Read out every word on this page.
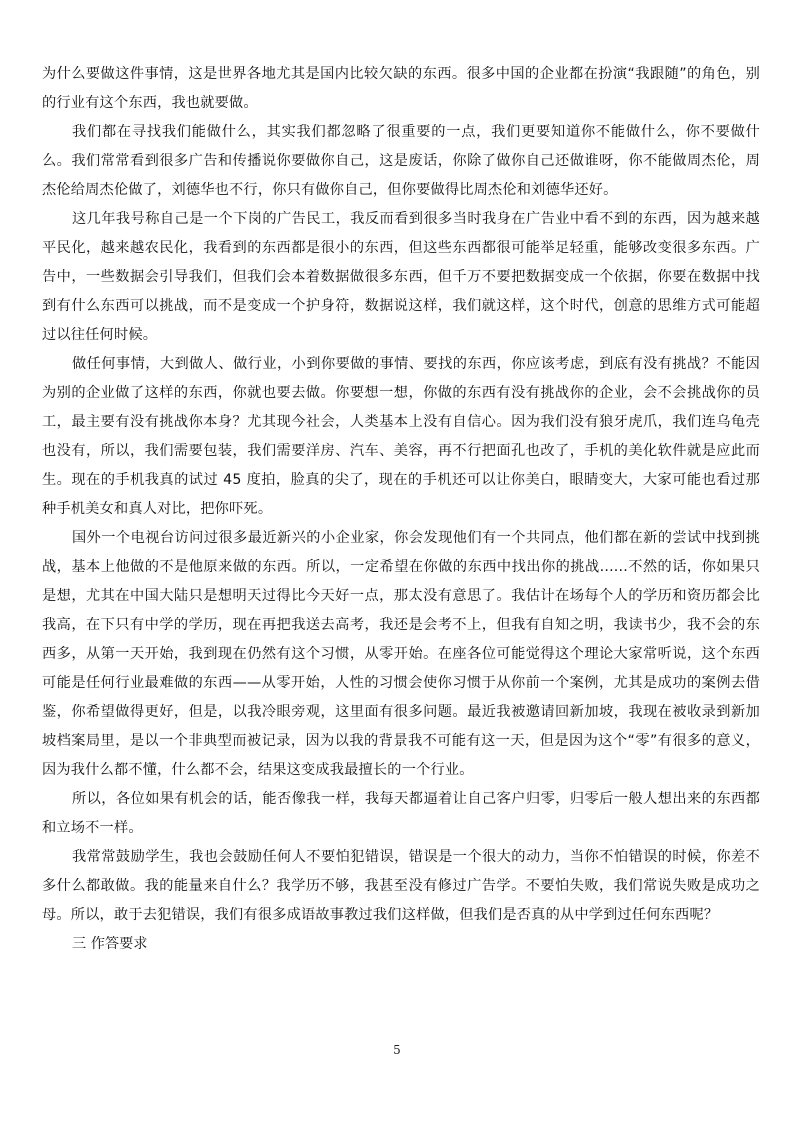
为什么要做这件事情，这是世界各地尤其是国内比较欠缺的东西。很多中国的企业都在扮演“我跟随”的角色，别的行业有这个东西，我也就要做。

我们都在寻找我们能做什么，其实我们都忽略了很重要的一点，我们更要知道你不能做什么，你不要做什么。我们常常看到很多广告和传播说你要做你自己，这是废话，你除了做你自己还做谁呀，你不能做周杰伦，周杰伦给周杰伦做了，刘德华也不行，你只有做你自己，但你要做得比周杰伦和刘德华还好。

这几年我号称自己是一个下岗的广告民工，我反而看到很多当时我身在广告业中看不到的东西，因为越来越平民化，越来越农民化，我看到的东西都是很小的东西，但这些东西都很可能举足轻重，能够改变很多东西。广告中，一些数据会引导我们，但我们会本着数据做很多东西，但千万不要把数据变成一个依据，你要在数据中找到有什么东西可以挑战，而不是变成一个护身符，数据说这样，我们就这样，这个时代，创意的思维方式可能超过以往任何时候。

做任何事情，大到做人、做行业，小到你要做的事情、要找的东西，你应该考虑，到底有没有挑战？不能因为别的企业做了这样的东西，你就也要去做。你要想一想，你做的东西有没有挑战你的企业，会不会挑战你的员工，最主要有没有挑战你本身？尤其现今社会，人类基本上没有自信心。因为我们没有狼牙虎爪，我们连乌龟壳也没有，所以，我们需要包装，我们需要洋房、汽车、美容，再不行把面孔也改了，手机的美化软件就是应此而生。现在的手机我真的试过 45 度拍，脸真的尖了，现在的手机还可以让你美白，眼睛变大，大家可能也看过那种手机美女和真人对比，把你吓死。

国外一个电视台访问过很多最近新兴的小企业家，你会发现他们有一个共同点，他们都在新的尝试中找到挑战，基本上他做的不是他原来做的东西。所以，一定希望在你做的东西中找出你的挑战......不然的话，你如果只是想，尤其在中国大陆只是想明天过得比今天好一点，那太没有意思了。我估计在场每个人的学历和资历都会比我高，在下只有中学的学历，现在再把我送去高考，我还是会考不上，但我有自知之明，我读书少，我不会的东西多，从第一天开始，我到现在仍然有这个习惯，从零开始。在座各位可能觉得这个理论大家常听说，这个东西可能是任何行业最难做的东西——从零开始，人性的习惯会使你习惯于从你前一个案例，尤其是成功的案例去借鉴，你希望做得更好，但是，以我冷眼旁观，这里面有很多问题。最近我被邀请回新加坡，我现在被收录到新加坡档案局里，是以一个非典型而被记录，因为以我的背景我不可能有这一天，但是因为这个“零”有很多的意义，因为我什么都不懂，什么都不会，结果这变成我最擅长的一个行业。

所以，各位如果有机会的话，能否像我一样，我每天都逼着让自己客户归零，归零后一般人想出来的东西都和立场不一样。

我常常鼓励学生，我也会鼓励任何人不要怕犯错误，错误是一个很大的动力，当你不怕错误的时候，你差不多什么都敢做。我的能量来自什么？我学历不够，我甚至没有修过广告学。不要怕失败，我们常说失败是成功之母。所以，敢于去犯错误，我们有很多成语故事教过我们这样做，但我们是否真的从中学到过任何东西呢？

三 作答要求

5
